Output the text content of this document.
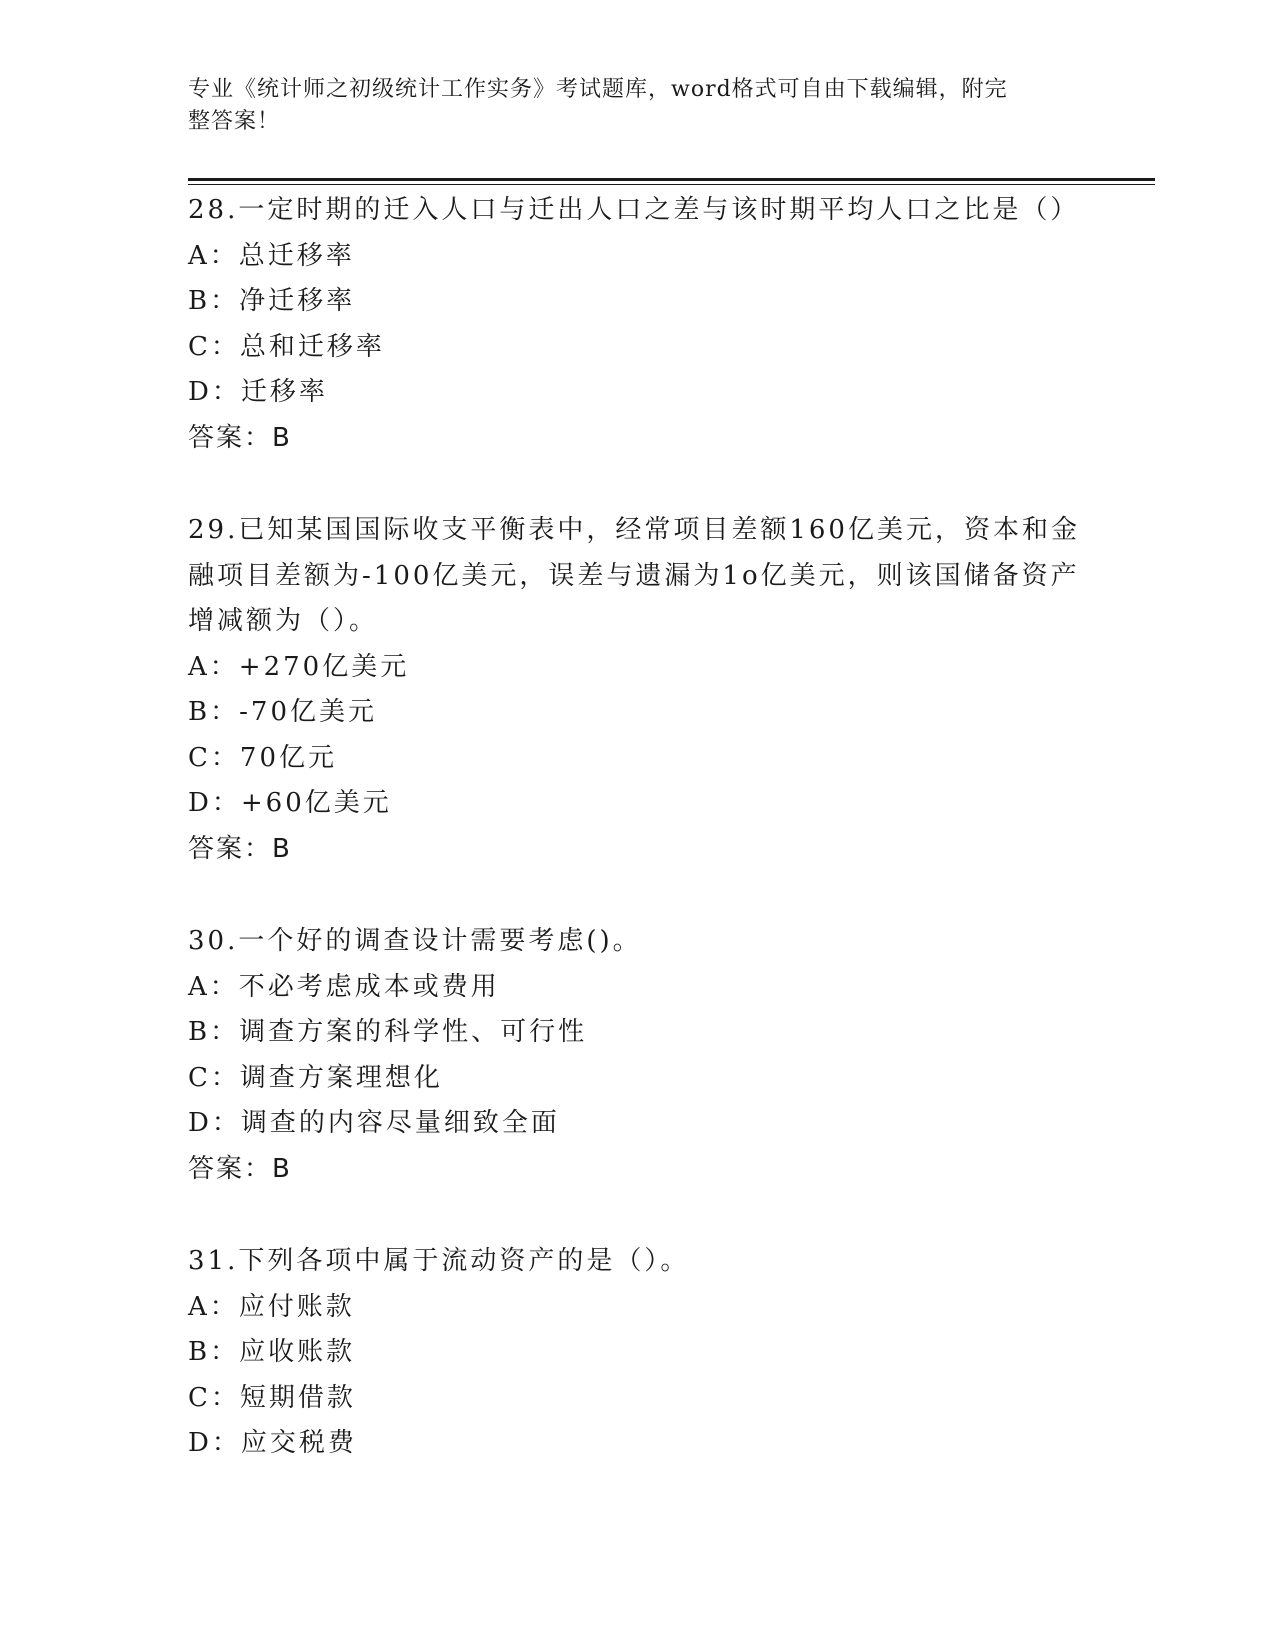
专业《统计师之初级统计工作实务》考试题库，word格式可自由下载编辑，附完
整答案！

28.一定时期的迁入人口与迁出人口之差与该时期平均人口之比是（）

A：总迁移率

B：净迁移率

C：总和迁移率

D：迁移率

答案：B

29.已知某国国际收支平衡表中，经常项目差额160亿美元，资本和金融项目差额为-100亿美元，误差与遗漏为1o亿美元，则该国储备资产增减额为（）。

A：+270亿美元

B：-70亿美元

C：70亿元

D：+60亿美元

答案：B

30.一个好的调查设计需要考虑()。

A：不必考虑成本或费用

B：调查方案的科学性、可行性

C：调查方案理想化

D：调查的内容尽量细致全面

答案：B

31.下列各项中属于流动资产的是（）。

A：应付账款

B：应收账款

C：短期借款

D：应交税费
